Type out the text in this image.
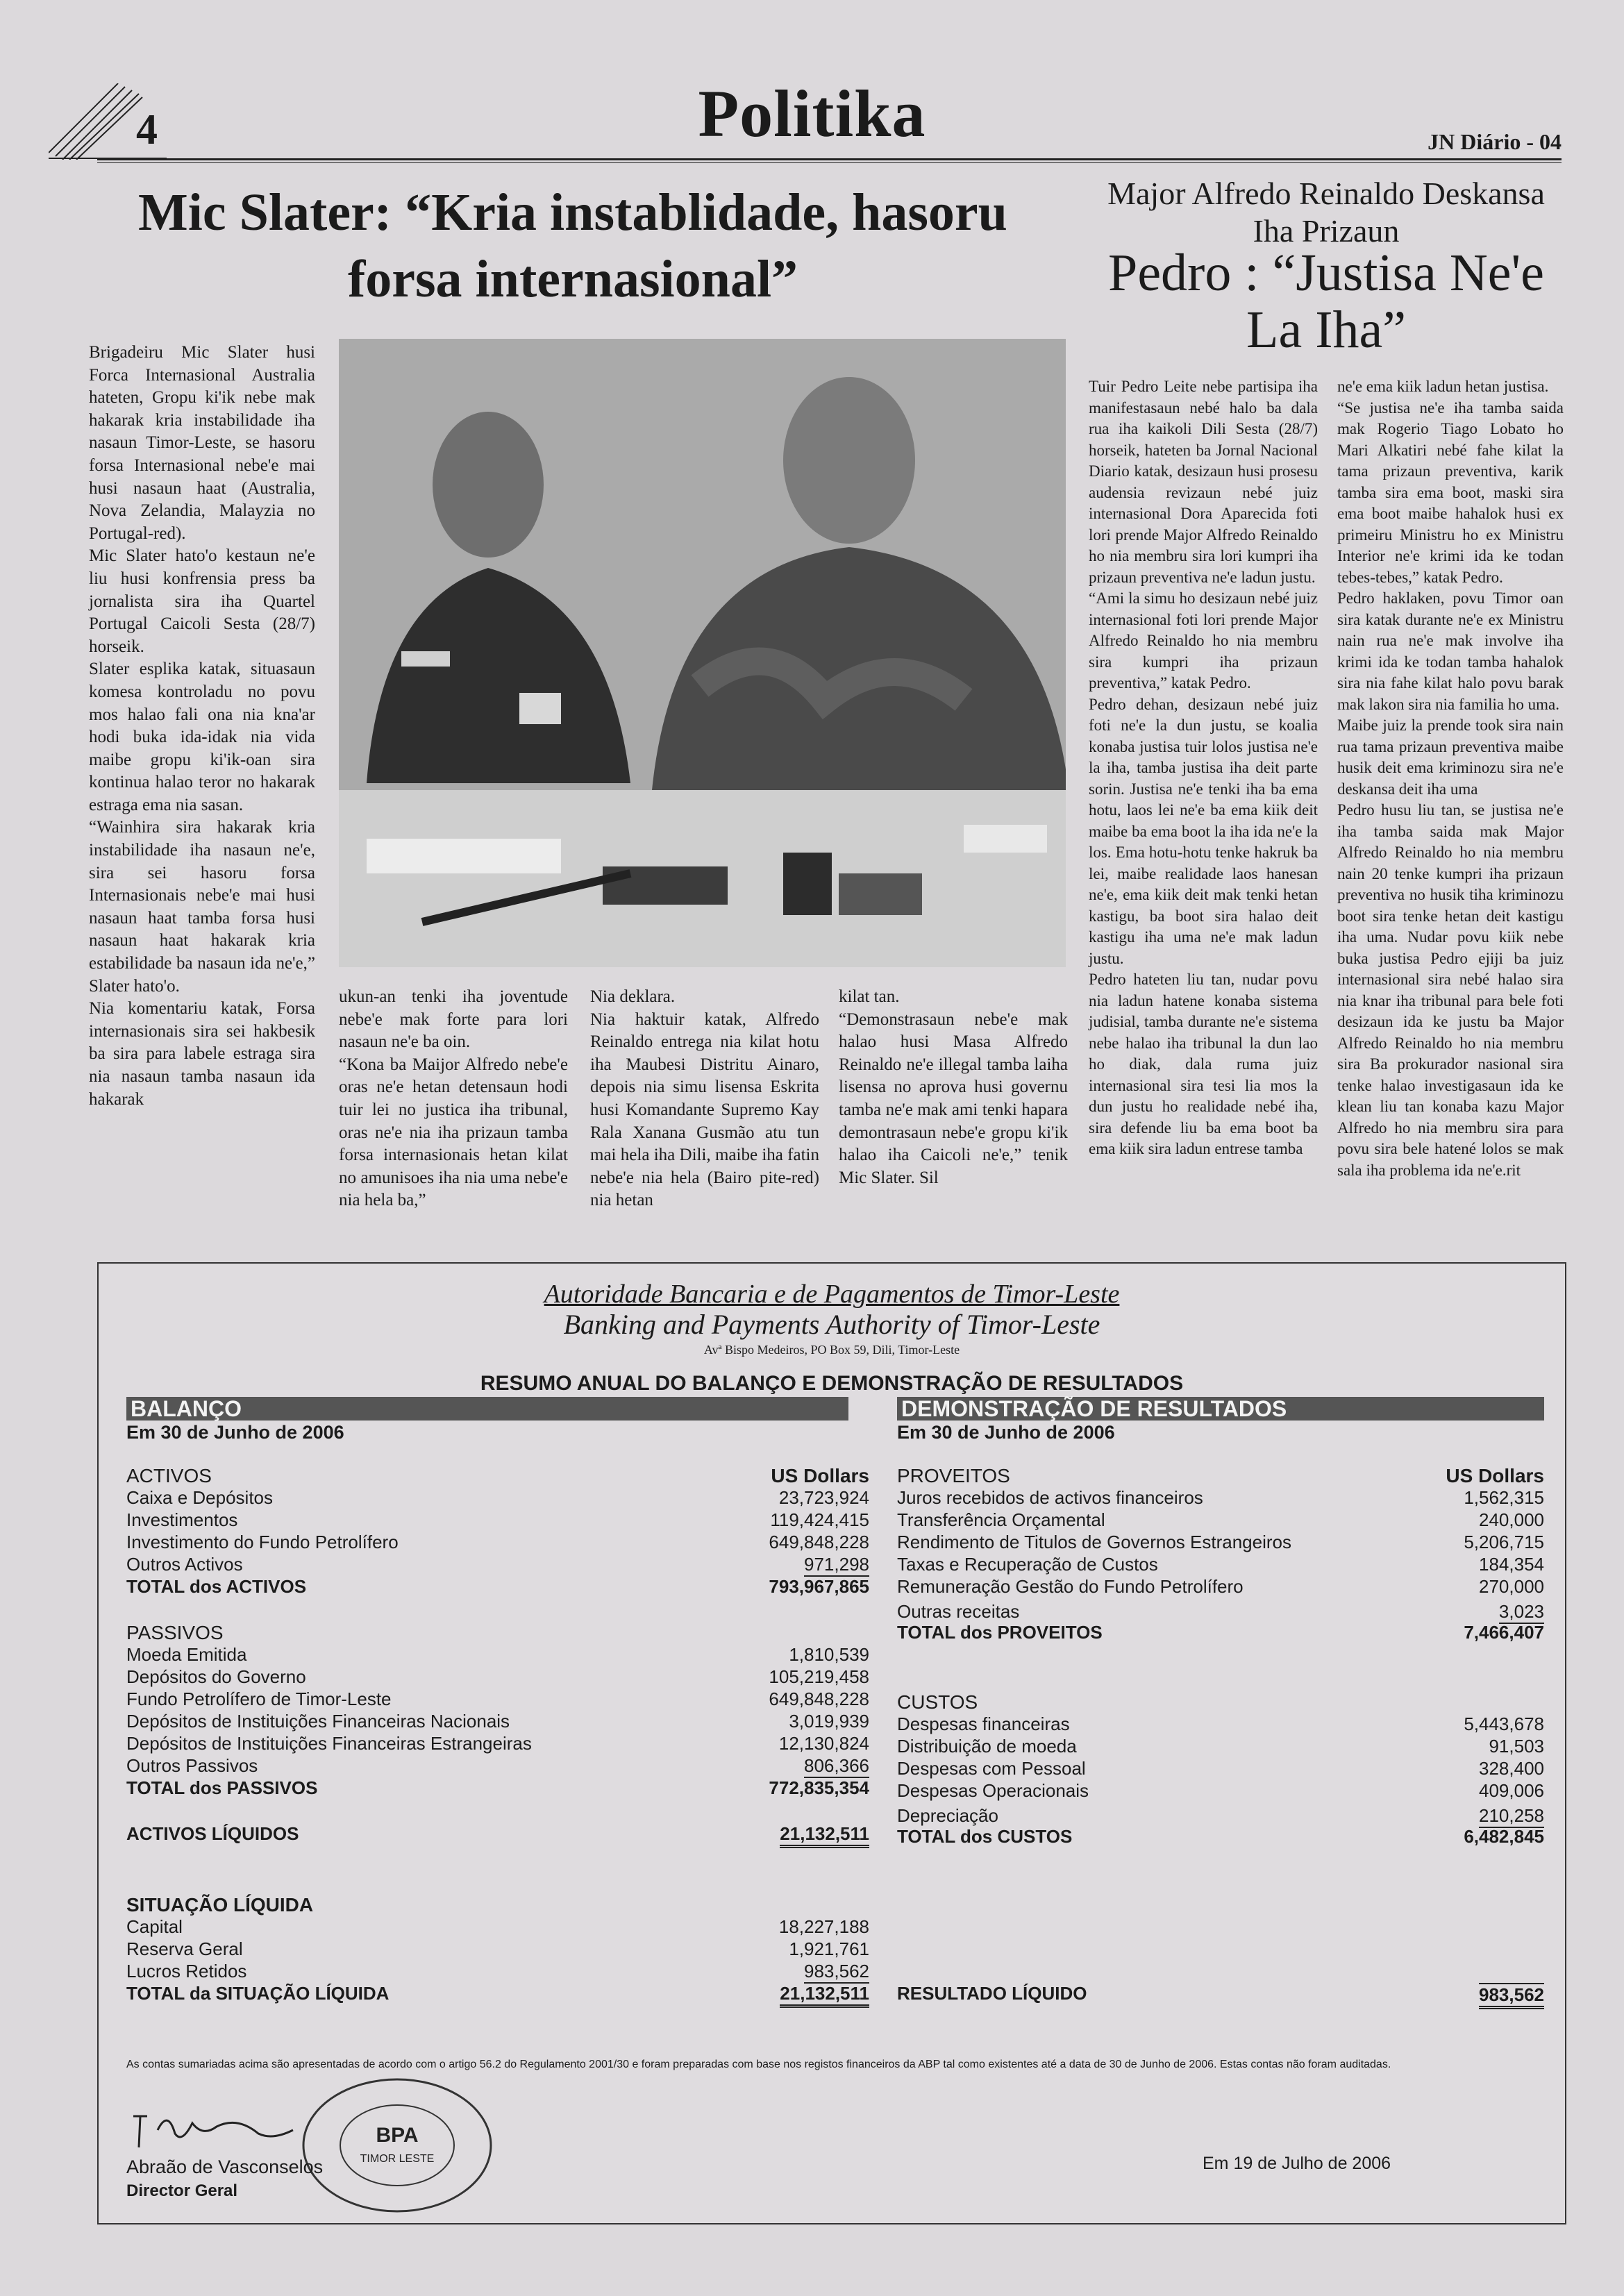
4	Politika	JN Diário - 04
Mic Slater: “Kria instablidade, hasoru forsa internasional”

Brigadeiru Mic Slater husi Forca Internasional Australia hateten, Gropu ki'ik nebe mak hakarak kria instabilidade iha nasaun Timor-Leste, se hasoru forsa Internasional nebe'e mai husi nasaun haat (Australia, Nova Zelandia, Malayzia no Portugal-red).

Mic Slater hato'o kestaun ne'e liu husi konfrensia press ba jornalista sira iha Quartel Portugal Caicoli Sesta (28/7) horseik.

Slater esplika katak, situasaun komesa kontroladu no povu mos halao fali ona nia kna'ar hodi buka ida-idak nia vida maibe gropu ki'ik-oan sira kontinua halao teror no hakarak estraga ema nia sasan.

“Wainhira sira hakarak kria instabilidade iha nasaun ne'e, sira sei hasoru forsa Internasionais nebe'e mai husi nasaun haat tamba forsa husi nasaun haat hakarak kria estabilidade ba nasaun ida ne'e,” Slater hato'o.

Nia komentariu katak, Forsa internasionais sira sei hakbesik ba sira para labele estraga sira nia nasaun tamba nasaun ida hakarak

ukun-an tenki iha joventude nebe'e mak forte para lori nasaun ne'e ba oin.

“Kona ba Maijor Alfredo nebe'e oras ne'e hetan detensaun hodi tuir lei no justica iha tribunal, oras ne'e nia iha prizaun tamba forsa internasionais hetan kilat no amunisoes iha nia uma nebe'e nia hela ba,”

Nia deklara.

Nia haktuir katak, Alfredo Reinaldo entrega nia kilat hotu iha Maubesi Distritu Ainaro, depois nia simu lisensa Eskrita husi Komandante Supremo Kay Rala Xanana Gusmão atu tun mai hela iha Dili, maibe iha fatin nebe'e nia hela (Bairo pite-red) nia hetan

kilat tan.

“Demonstrasaun nebe'e mak halao husi Masa Alfredo Reinaldo ne'e illegal tamba laiha lisensa no aprova husi governu tamba ne'e mak ami tenki hapara demontrasaun nebe'e gropu ki'ik halao iha Caicoli ne'e,” tenik Mic Slater. Sil

Major Alfredo Reinaldo Deskansa Iha Prizaun
Pedro : “Justisa Ne'e La Iha”

Tuir Pedro Leite nebe partisipa iha manifestasaun nebé halo ba dala rua iha kaikoli Dili Sesta (28/7) horseik, hateten ba Jornal Nacional Diario katak, desizaun husi prosesu audensia revizaun nebé juiz internasional Dora Aparecida foti lori prende Major Alfredo Reinaldo ho nia membru sira lori kumpri iha prizaun preventiva ne'e ladun justu.

“Ami la simu ho desizaun nebé juiz internasional foti lori prende Major Alfredo Reinaldo ho nia membru sira kumpri iha prizaun preventiva,” katak Pedro.

Pedro dehan, desizaun nebé juiz foti ne'e la dun justu, se koalia konaba justisa tuir lolos justisa ne'e la iha, tamba justisa iha deit parte sorin. Justisa ne'e tenki iha ba ema hotu, laos lei ne'e ba ema kiik deit maibe ba ema boot la iha ida ne'e la los. Ema hotu-hotu tenke hakruk ba lei, maibe realidade laos hanesan ne'e, ema kiik deit mak tenki hetan kastigu, ba boot sira halao deit kastigu iha uma ne'e mak ladun justu.

Pedro hateten liu tan, nudar povu nia ladun hatene konaba sistema judisial, tamba durante ne'e sistema nebe halao iha tribunal la dun lao ho diak, dala ruma juiz internasional sira tesi lia mos la dun justu ho realidade nebé iha, sira defende liu ba ema boot ba ema kiik sira ladun entrese tamba

ne'e ema kiik ladun hetan justisa.

“Se justisa ne'e iha tamba saida mak Rogerio Tiago Lobato ho Mari Alkatiri nebé fahe kilat la tama prizaun preventiva, karik tamba sira ema boot, maski sira ema boot maibe hahalok husi ex primeiru Ministru ho ex Ministru Interior ne'e krimi ida ke todan tebes-tebes,” katak Pedro.

Pedro haklaken, povu Timor oan sira katak durante ne'e ex Ministru nain rua ne'e mak involve iha krimi ida ke todan tamba hahalok sira nia fahe kilat halo povu barak mak lakon sira nia familia ho uma.

Maibe juiz la prende took sira nain rua tama prizaun preventiva maibe husik deit ema kriminozu sira ne'e deskansa deit iha uma

Pedro husu liu tan, se justisa ne'e iha tamba saida mak Major Alfredo Reinaldo ho nia membru nain 20 tenke kumpri iha prizaun preventiva no husik tiha kriminozu boot sira tenke hetan deit kastigu iha uma. Nudar povu kiik nebe buka justisa Pedro ejiji ba juiz internasional sira nebé halao sira nia knar iha tribunal para bele foti desizaun ida ke justu ba Major Alfredo Reinaldo ho nia membru sira Ba prokurador nasional sira tenke halao investigasaun ida ke klean liu tan konaba kazu Major Alfredo ho nia membru sira para povu sira bele hatené lolos se mak sala iha problema ida ne'e.rit

Autoridade Bancaria e de Pagamentos de Timor-Leste
Banking and Payments Authority of Timor-Leste
Avª Bispo Medeiros, PO Box 59, Dili, Timor-Leste
RESUMO ANUAL DO BALANÇO E DEMONSTRAÇÃO DE RESULTADOS
BALANÇO	DEMONSTRAÇÃO DE RESULTADOS
Em 30 de Junho de 2006	Em 30 de Junho de 2006
ACTIVOS	US Dollars
Caixa e Depósitos	23,723,924
Investimentos	119,424,415
Investimento do Fundo Petrolífero	649,848,228
Outros Activos	971,298
TOTAL dos ACTIVOS	793,967,865
PASSIVOS
Moeda Emitida	1,810,539
Depósitos do Governo	105,219,458
Fundo Petrolífero de Timor-Leste	649,848,228
Depósitos de Instituições Financeiras Nacionais	3,019,939
Depósitos de Instituições Financeiras Estrangeiras	12,130,824
Outros Passivos	806,366
TOTAL dos PASSIVOS	772,835,354
ACTIVOS LÍQUIDOS	21,132,511
SITUAÇÃO LÍQUIDA
Capital	18,227,188
Reserva Geral	1,921,761
Lucros Retidos	983,562
TOTAL da SITUAÇÃO LÍQUIDA	21,132,511
PROVEITOS	US Dollars
Juros recebidos de activos financeiros	1,562,315
Transferência Orçamental	240,000
Rendimento de Titulos de Governos Estrangeiros	5,206,715
Taxas e Recuperação de Custos	184,354
Remuneração Gestão do Fundo Petrolífero	270,000
Outras receitas	3,023
TOTAL dos PROVEITOS	7,466,407
CUSTOS
Despesas financeiras	5,443,678
Distribuição de moeda	91,503
Despesas com Pessoal	328,400
Despesas Operacionais	409,006
Depreciação	210,258
TOTAL dos CUSTOS	6,482,845
RESULTADO LÍQUIDO	983,562
As contas sumariadas acima são apresentadas de acordo com o artigo 56.2 do Regulamento 2001/30 e foram preparadas com base nos registos financeiros da ABP tal como existentes até a data de 30 de Junho de 2006. Estas contas não foram auditadas.
BPA
TIMOR LESTE
Abraão de Vasconselos
Director Geral
Em 19 de Julho de 2006
